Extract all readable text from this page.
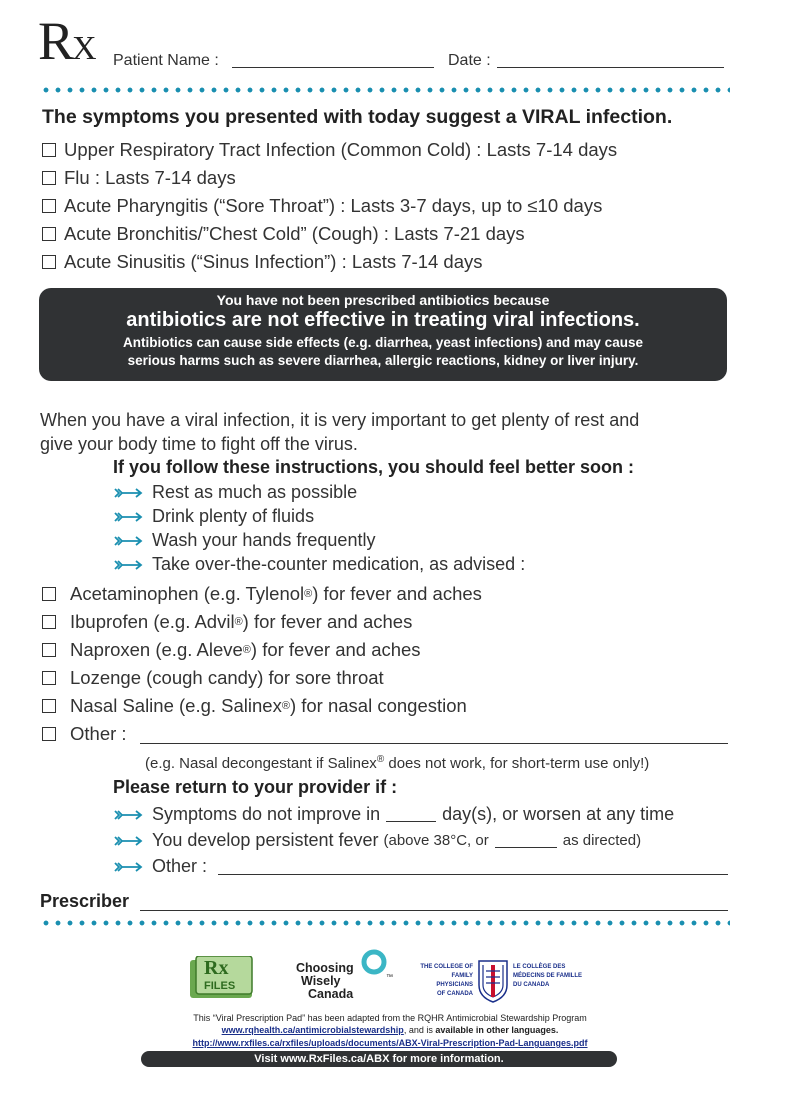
RX Patient Name :	Date :
The symptoms you presented with today suggest a VIRAL infection.
Upper Respiratory Tract Infection (Common Cold) : Lasts 7-14 days
Flu : Lasts 7-14 days
Acute Pharyngitis (“Sore Throat”) : Lasts 3-7 days, up to ≤10 days
Acute Bronchitis/”Chest Cold” (Cough) : Lasts 7-21 days
Acute Sinusitis (“Sinus Infection”) : Lasts 7-14 days
You have not been prescribed antibiotics because
antibiotics are not effective in treating viral infections.
Antibiotics can cause side effects (e.g. diarrhea, yeast infections) and may cause
serious harms such as severe diarrhea, allergic reactions, kidney or liver injury.
When you have a viral infection, it is very important to get plenty of rest and
give your body time to fight off the virus.
If you follow these instructions, you should feel better soon :
Rest as much as possible
Drink plenty of fluids
Wash your hands frequently
Take over-the-counter medication, as advised :
Acetaminophen (e.g. Tylenol ® ) for fever and aches
Ibuprofen (e.g. Advil ® ) for fever and aches
Naproxen (e.g. Aleve ® ) for fever and aches
Lozenge (cough candy) for sore throat
Nasal Saline (e.g. Salinex ® ) for nasal congestion
Other :
(e.g. Nasal decongestant if Salinex® does not work, for short-term use only!)
Please return to your provider if :
Symptoms do not improve in	day(s), or worsen at any time
You develop persistent fever (above 38°C, or	as directed)
Other :
Prescriber
Rx
FILES
Choosing
Wisely
Canada
™
THE COLLEGE OF
FAMILY PHYSICIANS
OF CANADA
LE COLLÈGE DES
MÉDECINS DE FAMILLE
DU CANADA
This “Viral Prescription Pad” has been adapted from the RQHR Antimicrobial Stewardship Program
www.rqhealth.ca/antimicrobialstewardship, and is available in other languages.
http://www.rxfiles.ca/rxfiles/uploads/documents/ABX-Viral-Prescription-Pad-Languanges.pdf
Visit www.RxFiles.ca/ABX for more information.
